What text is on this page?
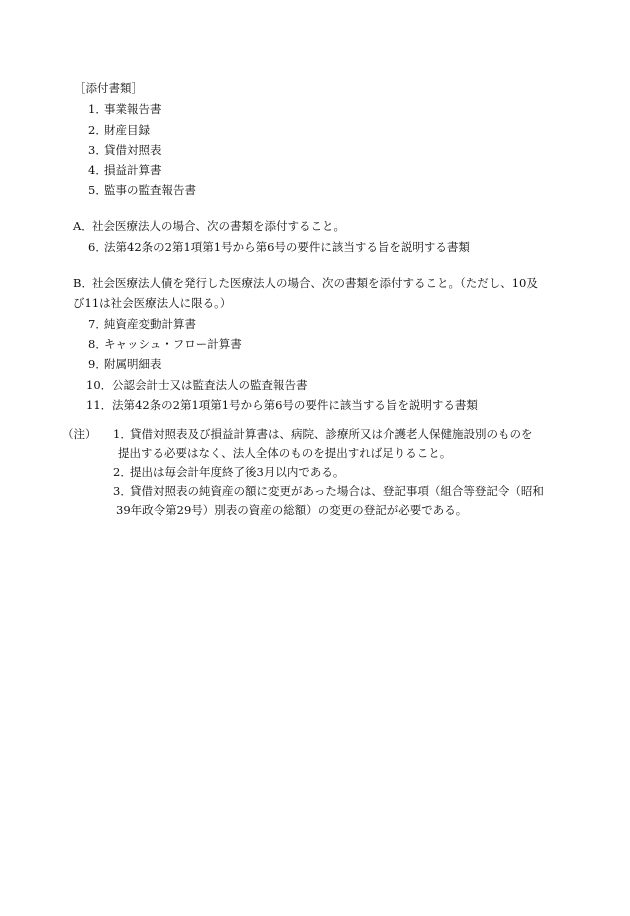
［添付書類］
1．
事業報告書
2．
財産目録
3．
貸借対照表
4．
損益計算書
5．
監事の監査報告書
A． 社会医療法人の場合、次の書類を添付すること。
6．
法第42条の2第1項第1号から第6号の要件に該当する旨を説明する書類
B． 社会医療法人債を発行した医療法人の場合、次の書類を添付すること。（ただし、10及
び11は社会医療法人に限る。）
7．
純資産変動計算書
8．
キャッシュ・フロー計算書
9．
附属明細表
10． 公認会計士又は監査法人の監査報告書
11． 法第42条の2第1項第1号から第6号の要件に該当する旨を説明する書類
（注） 1．
貸借対照表及び損益計算書は、病院、診療所又は介護老人保健施設別のものを
提出する必要はなく、法人全体のものを提出すれば足りること。
2．
提出は毎会計年度終了後3月以内である。
3．
貸借対照表の純資産の額に変更があった場合は、登記事項（組合等登記令（昭和
39年政令第29号）別表の資産の総額）の変更の登記が必要である。
